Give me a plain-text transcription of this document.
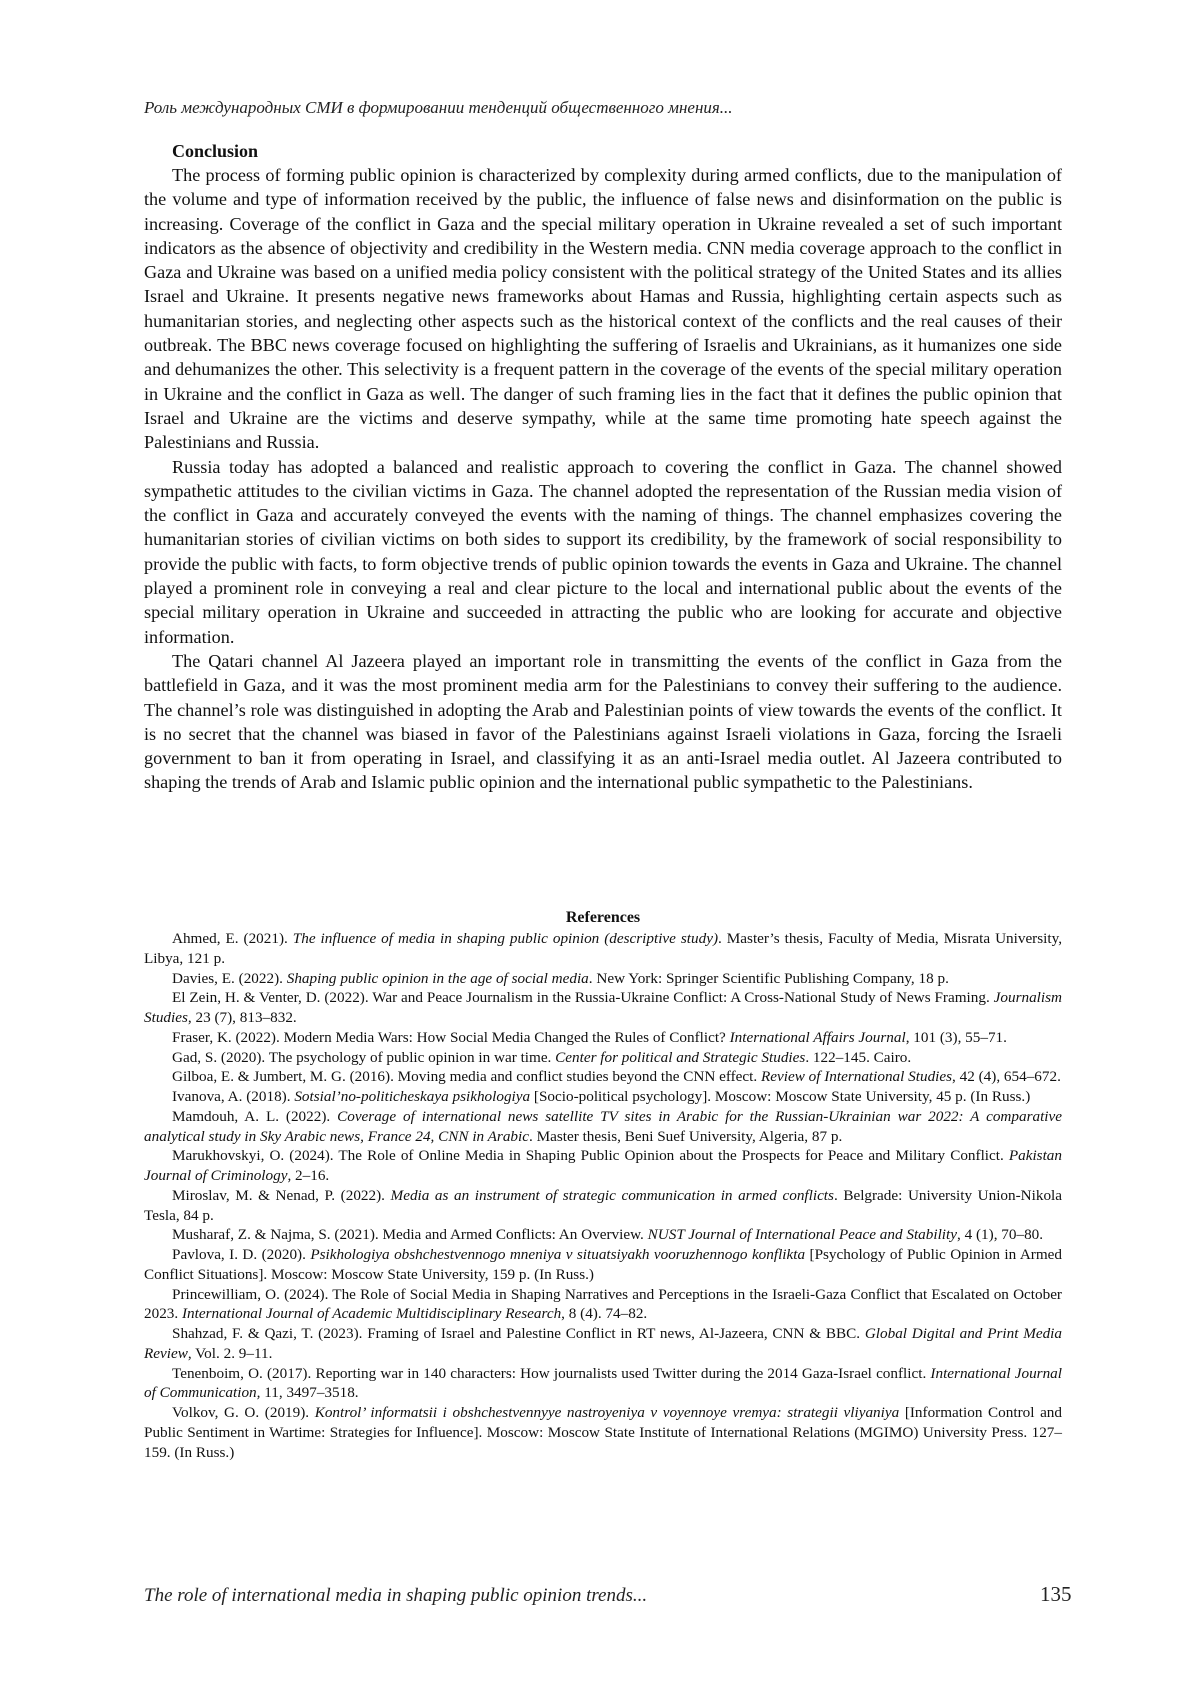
Роль международных СМИ в формировании тенденций общественного мнения...
Conclusion

The process of forming public opinion is characterized by complexity during armed conflicts, due to the manipulation of the volume and type of information received by the public, the influence of false news and disinformation on the public is increasing. Coverage of the conflict in Gaza and the special military operation in Ukraine revealed a set of such important indicators as the absence of objectivity and credibility in the Western media. CNN media coverage approach to the conflict in Gaza and Ukraine was based on a unified media policy consistent with the political strategy of the United States and its allies Israel and Ukraine. It presents negative news frameworks about Hamas and Russia, highlighting certain aspects such as humanitarian stories, and neglecting other aspects such as the historical context of the conflicts and the real causes of their outbreak. The BBC news coverage focused on highlighting the suffering of Israelis and Ukrainians, as it humanizes one side and dehumanizes the other. This selectivity is a frequent pattern in the coverage of the events of the special military operation in Ukraine and the conflict in Gaza as well. The danger of such framing lies in the fact that it defines the public opinion that Israel and Ukraine are the victims and deserve sympathy, while at the same time promoting hate speech against the Palestinians and Russia.

Russia today has adopted a balanced and realistic approach to covering the conflict in Gaza. The channel showed sympathetic attitudes to the civilian victims in Gaza. The channel adopted the representation of the Russian media vision of the conflict in Gaza and accurately conveyed the events with the naming of things. The channel emphasizes covering the humanitarian stories of civilian victims on both sides to support its credibility, by the framework of social responsibility to provide the public with facts, to form objective trends of public opinion towards the events in Gaza and Ukraine. The channel played a prominent role in conveying a real and clear picture to the local and international public about the events of the special military operation in Ukraine and succeeded in attracting the public who are looking for accurate and objective information.

The Qatari channel Al Jazeera played an important role in transmitting the events of the conflict in Gaza from the battlefield in Gaza, and it was the most prominent media arm for the Palestinians to convey their suffering to the audience. The channel’s role was distinguished in adopting the Arab and Palestinian points of view towards the events of the conflict. It is no secret that the channel was biased in favor of the Palestinians against Israeli violations in Gaza, forcing the Israeli government to ban it from operating in Israel, and classifying it as an anti-Israel media outlet. Al Jazeera contributed to shaping the trends of Arab and Islamic public opinion and the international public sympathetic to the Palestinians.

References

Ahmed, E. (2021). The influence of media in shaping public opinion (descriptive study). Master’s thesis, Faculty of Media, Misrata University, Libya, 121 p.

Davies, E. (2022). Shaping public opinion in the age of social media. New York: Springer Scientific Publishing Company, 18 p.

El Zein, H. & Venter, D. (2022). War and Peace Journalism in the Russia-Ukraine Conflict: A Cross-National Study of News Framing. Journalism Studies, 23 (7), 813–832.

Fraser, K. (2022). Modern Media Wars: How Social Media Changed the Rules of Conflict? International Affairs Journal, 101 (3), 55–71.

Gad, S. (2020). The psychology of public opinion in war time. Center for political and Strategic Studies. 122–145. Cairo.

Gilboa, E. & Jumbert, M. G. (2016). Moving media and conflict studies beyond the CNN effect. Review of International Studies, 42 (4), 654–672.

Ivanova, A. (2018). Sotsial’no-politicheskaya psikhologiya [Socio-political psychology]. Moscow: Moscow State University, 45 p. (In Russ.)

Mamdouh, A. L. (2022). Coverage of international news satellite TV sites in Arabic for the Russian-Ukrainian war 2022: A comparative analytical study in Sky Arabic news, France 24, CNN in Arabic. Master thesis, Beni Suef University, Algeria, 87 p.

Marukhovskyi, O. (2024). The Role of Online Media in Shaping Public Opinion about the Prospects for Peace and Military Conflict. Pakistan Journal of Criminology, 2–16.

Miroslav, M. & Nenad, P. (2022). Media as an instrument of strategic communication in armed conflicts. Belgrade: University Union-Nikola Tesla, 84 p.

Musharaf, Z. & Najma, S. (2021). Media and Armed Conflicts: An Overview. NUST Journal of International Peace and Stability, 4 (1), 70–80.

Pavlova, I. D. (2020). Psikhologiya obshchestvennogo mneniya v situatsiyakh vooruzhennogo konflikta [Psychology of Public Opinion in Armed Conflict Situations]. Moscow: Moscow State University, 159 p. (In Russ.)

Princewilliam, O. (2024). The Role of Social Media in Shaping Narratives and Perceptions in the Israeli-Gaza Conflict that Escalated on October 2023. International Journal of Academic Multidisciplinary Research, 8 (4). 74–82.

Shahzad, F. & Qazi, T. (2023). Framing of Israel and Palestine Conflict in RT news, Al-Jazeera, CNN & BBC. Global Digital and Print Media Review, Vol. 2. 9–11.

Tenenboim, O. (2017). Reporting war in 140 characters: How journalists used Twitter during the 2014 Gaza-Israel conflict. International Journal of Communication, 11, 3497–3518.

Volkov, G. O. (2019). Kontrol’ informatsii i obshchestvennyye nastroyeniya v voyennoye vremya: strategii vliyaniya [Information Control and Public Sentiment in Wartime: Strategies for Influence]. Moscow: Moscow State Institute of International Relations (MGIMO) University Press. 127–159. (In Russ.)

The role of international media in shaping public opinion trends...	135
